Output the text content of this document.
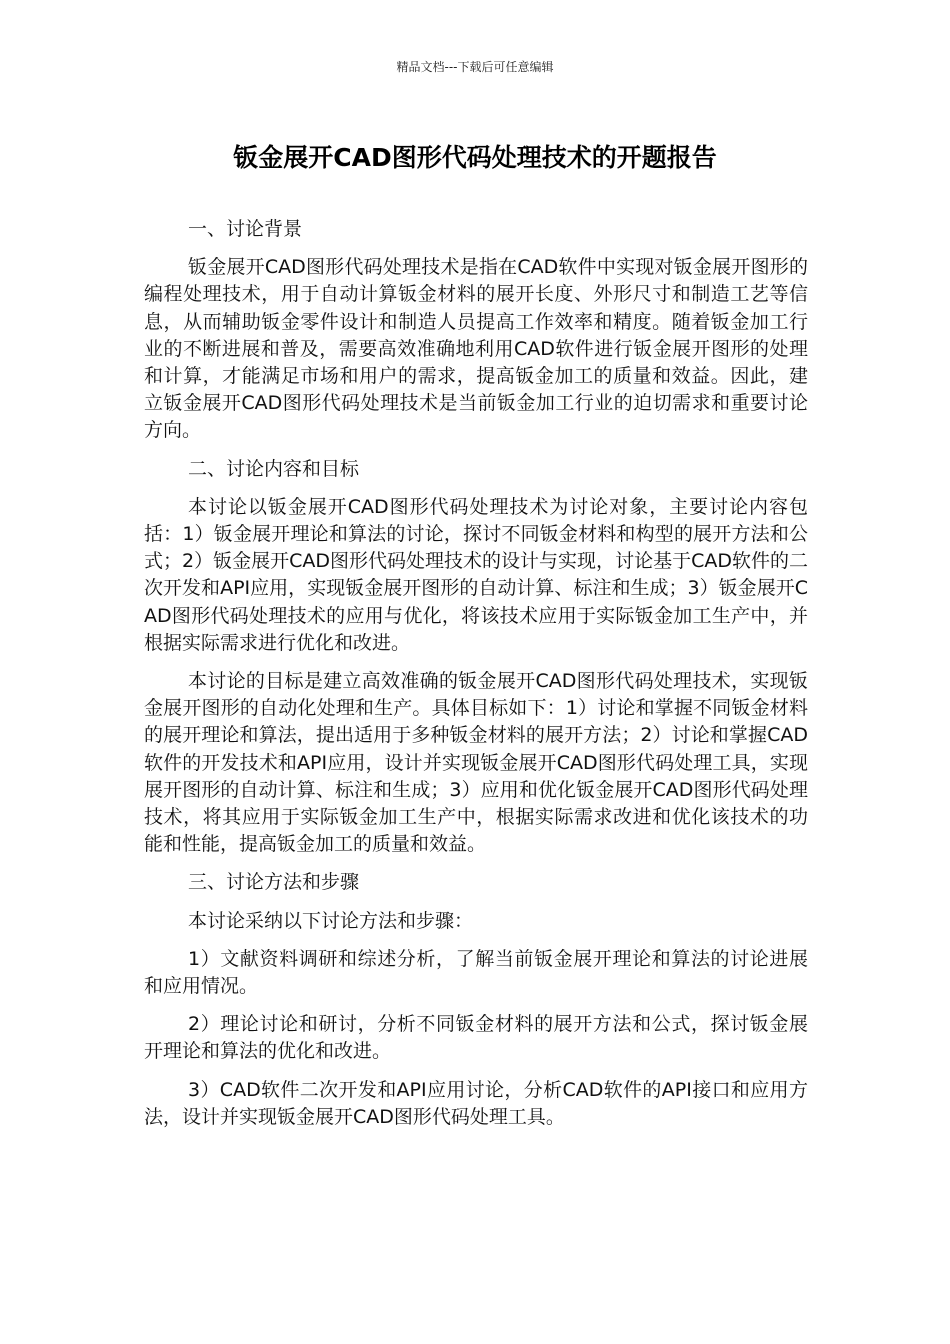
精品文档---下载后可任意编辑
钣金展开CAD图形代码处理技术的开题报告

一、讨论背景

钣金展开CAD图形代码处理技术是指在CAD软件中实现对钣金展开图形的编程处理技术，用于自动计算钣金材料的展开长度、外形尺寸和制造工艺等信息，从而辅助钣金零件设计和制造人员提高工作效率和精度。随着钣金加工行业的不断进展和普及，需要高效准确地利用CAD软件进行钣金展开图形的处理和计算，才能满足市场和用户的需求，提高钣金加工的质量和效益。因此，建立钣金展开CAD图形代码处理技术是当前钣金加工行业的迫切需求和重要讨论方向。

二、讨论内容和目标

本讨论以钣金展开CAD图形代码处理技术为讨论对象，主要讨论内容包括：1）钣金展开理论和算法的讨论，探讨不同钣金材料和构型的展开方法和公式；2）钣金展开CAD图形代码处理技术的设计与实现，讨论基于CAD软件的二次开发和API应用，实现钣金展开图形的自动计算、标注和生成；3）钣金展开CAD图形代码处理技术的应用与优化，将该技术应用于实际钣金加工生产中，并根据实际需求进行优化和改进。

本讨论的目标是建立高效准确的钣金展开CAD图形代码处理技术，实现钣金展开图形的自动化处理和生产。具体目标如下：1）讨论和掌握不同钣金材料的展开理论和算法，提出适用于多种钣金材料的展开方法；2）讨论和掌握CAD软件的开发技术和API应用，设计并实现钣金展开CAD图形代码处理工具，实现展开图形的自动计算、标注和生成；3）应用和优化钣金展开CAD图形代码处理技术，将其应用于实际钣金加工生产中，根据实际需求改进和优化该技术的功能和性能，提高钣金加工的质量和效益。

三、讨论方法和步骤

本讨论采纳以下讨论方法和步骤：

1）文献资料调研和综述分析，了解当前钣金展开理论和算法的讨论进展和应用情况。

2）理论讨论和研讨，分析不同钣金材料的展开方法和公式，探讨钣金展开理论和算法的优化和改进。

3）CAD软件二次开发和API应用讨论，分析CAD软件的API接口和应用方法，设计并实现钣金展开CAD图形代码处理工具。
